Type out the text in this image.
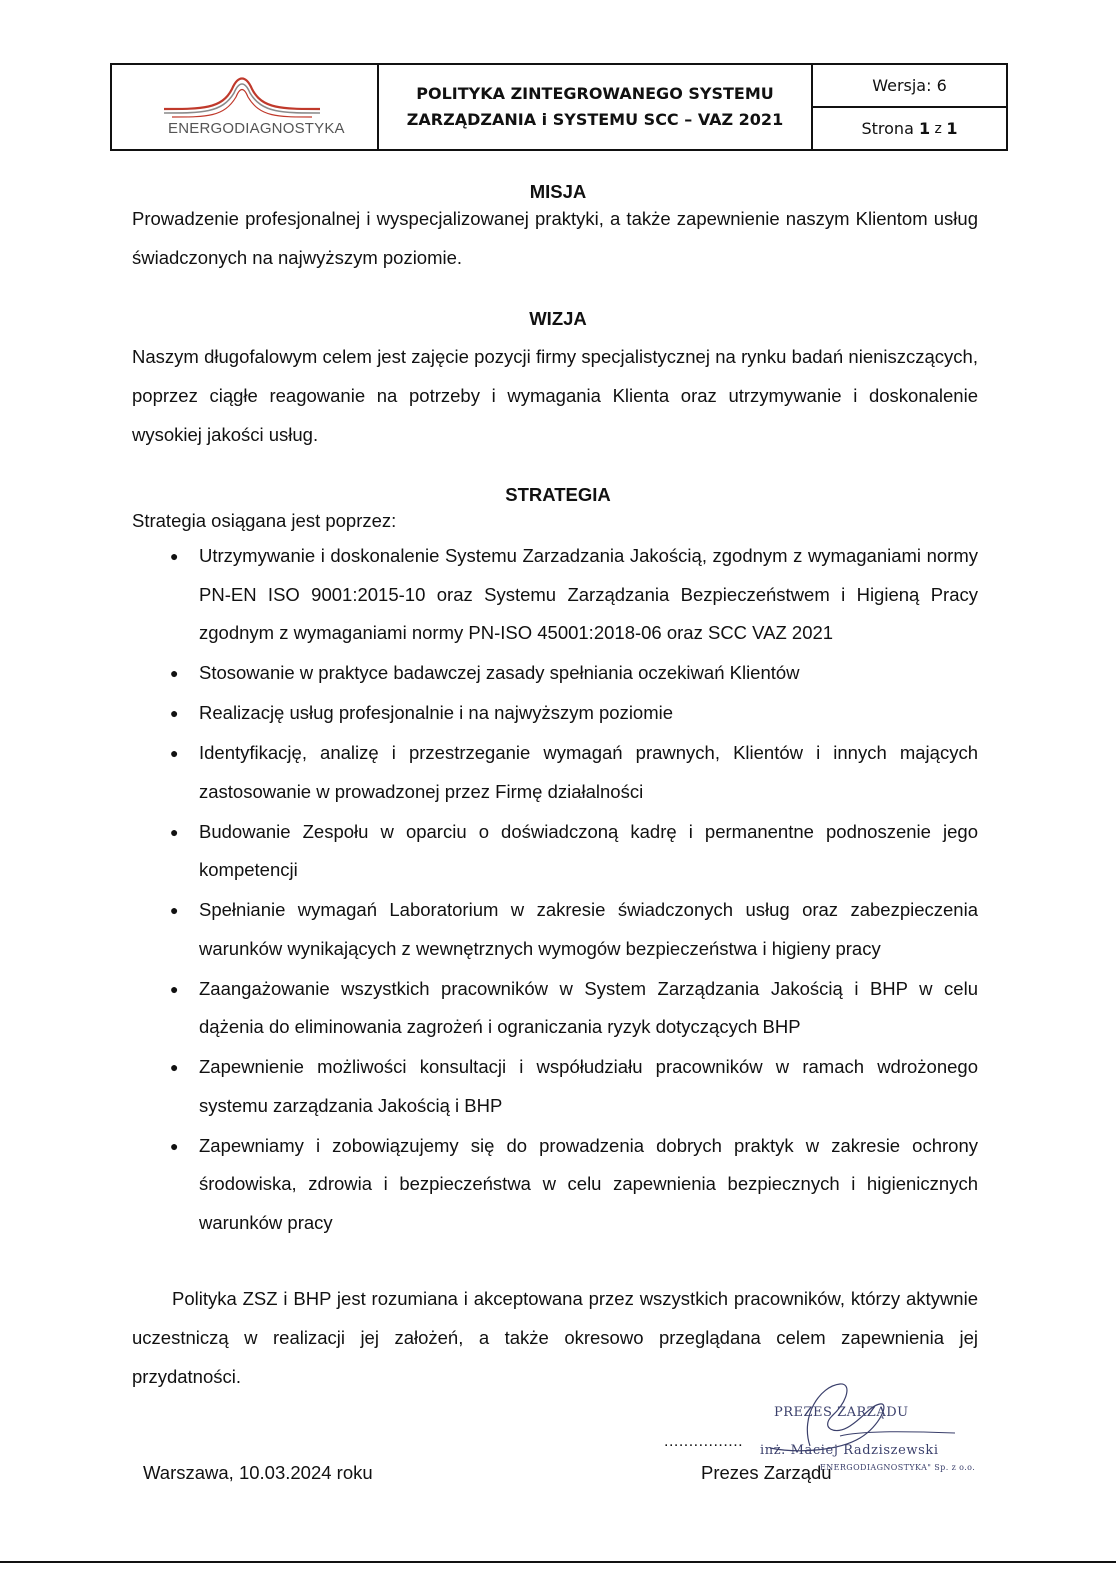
ENERGODIAGNOSTYKA
POLITYKA ZINTEGROWANEGO SYSTEMU
ZARZĄDZANIA i SYSTEMU SCC – VAZ 2021
Wersja: 6
Strona 1 z 1
MISJA
Prowadzenie profesjonalnej i wyspecjalizowanej praktyki, a także zapewnienie naszym Klientom usług świadczonych na najwyższym poziomie.
WIZJA
Naszym długofalowym celem jest zajęcie pozycji firmy specjalistycznej na rynku badań nieniszczących, poprzez ciągłe reagowanie na potrzeby i wymagania Klienta oraz utrzymywanie i doskonalenie wysokiej jakości usług.
STRATEGIA
Strategia osiągana jest poprzez:
● Utrzymywanie i doskonalenie Systemu Zarzadzania Jakością, zgodnym z wymaganiami normy PN-EN ISO 9001:2015-10 oraz Systemu Zarządzania Bezpieczeństwem i Higieną Pracy zgodnym z wymaganiami normy PN-ISO 45001:2018-06 oraz SCC VAZ 2021
● Stosowanie w praktyce badawczej zasady spełniania oczekiwań Klientów
● Realizację usług profesjonalnie i na najwyższym poziomie
● Identyfikację, analizę i przestrzeganie wymagań prawnych, Klientów i innych mających zastosowanie w prowadzonej przez Firmę działalności
● Budowanie Zespołu w oparciu o doświadczoną kadrę i permanentne podnoszenie jego kompetencji
● Spełnianie wymagań Laboratorium w zakresie świadczonych usług oraz zabezpieczenia warunków wynikających z wewnętrznych wymogów bezpieczeństwa i higieny pracy
● Zaangażowanie wszystkich pracowników w System Zarządzania Jakością i BHP w celu dążenia do eliminowania zagrożeń i ograniczania ryzyk dotyczących BHP
● Zapewnienie możliwości konsultacji i współudziału pracowników w ramach wdrożonego systemu zarządzania Jakością i BHP
● Zapewniamy i zobowiązujemy się do prowadzenia dobrych praktyk w zakresie ochrony środowiska, zdrowia i bezpieczeństwa w celu zapewnienia bezpiecznych i higienicznych warunków pracy
Polityka ZSZ i BHP jest rozumiana i akceptowana przez wszystkich pracowników, którzy aktywnie uczestniczą w realizacji jej założeń, a także okresowo przeglądana celem zapewnienia jej przydatności.
PREZES ZARZĄDU
inż. Maciej Radziszewski
ENERGODIAGNOSTYKA" Sp. z o.o.
Warszawa, 10.03.2024 roku
................
Prezes Zarządu
